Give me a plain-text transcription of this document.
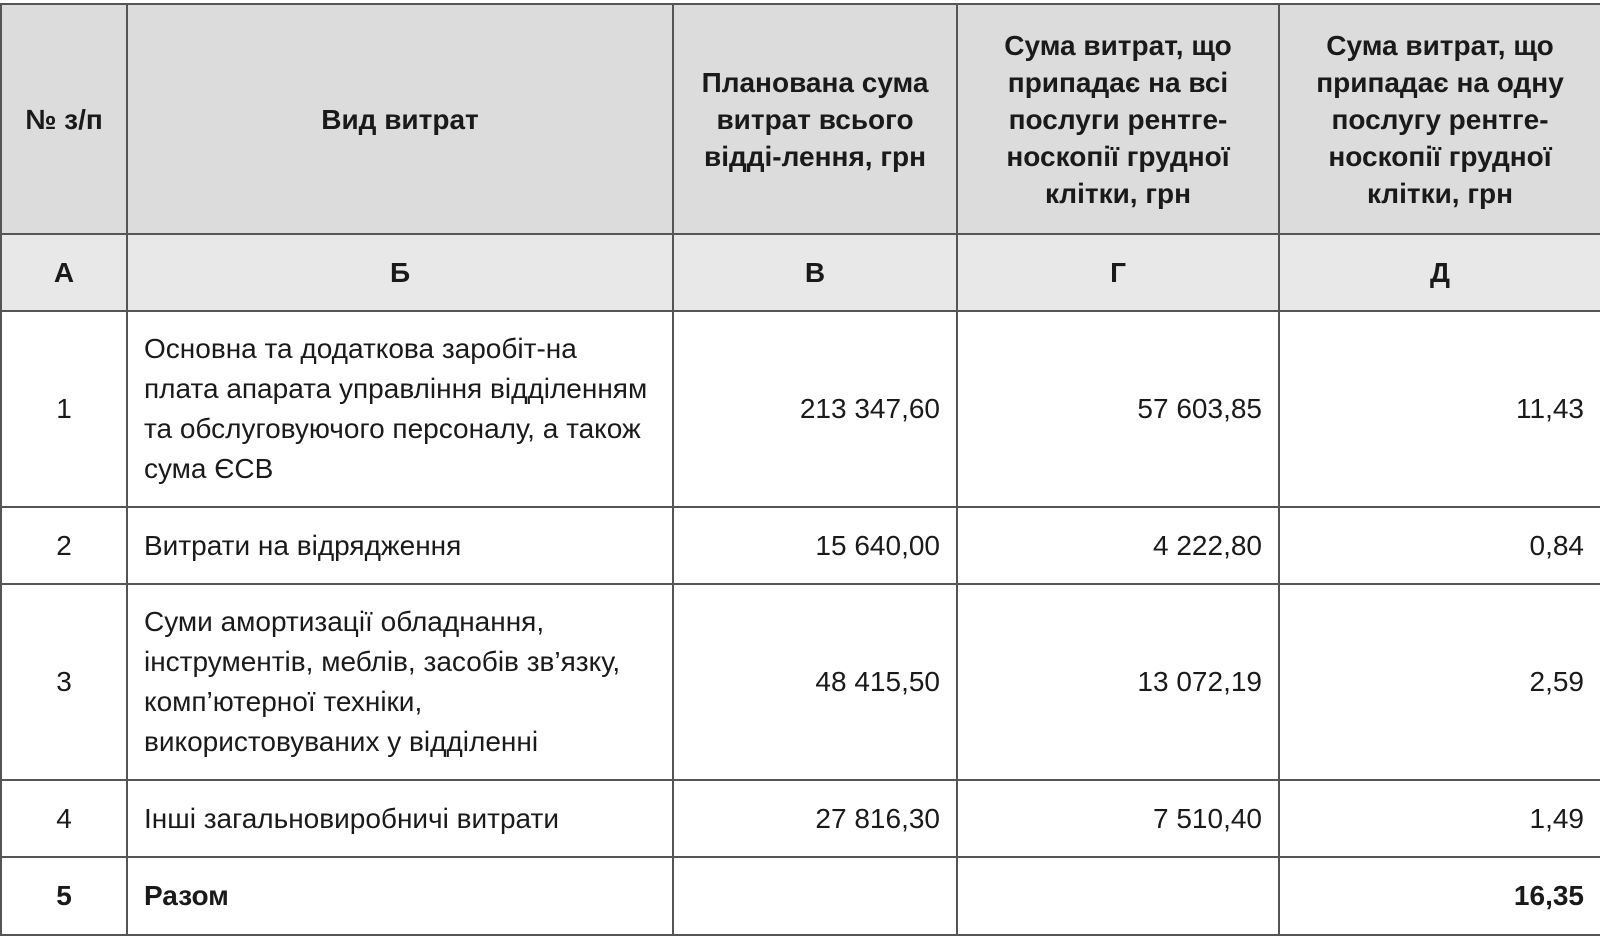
№ з/п	Вид витрат	Планована сума витрат всього відді-лення, грн	Сума витрат, що припадає на всі послуги рентге-носкопії грудної клітки, грн	Сума витрат, що припадає на одну послугу рентге-носкопії грудної клітки, грн
А	Б	В	Г	Д
1	Основна та додаткова заробіт-на плата апарата управління відділенням та обслуговуючого персоналу, а також сума ЄСВ	213 347,60	57 603,85	11,43
2	Витрати на відрядження	15 640,00	4 222,80	0,84
3	Суми амортизації обладнання, інструментів, меблів, засобів зв’язку, комп’ютерної техніки, використовуваних у відділенні	48 415,50	13 072,19	2,59
4	Інші загальновиробничі витрати	27 816,30	7 510,40	1,49
5	Разом			16,35
